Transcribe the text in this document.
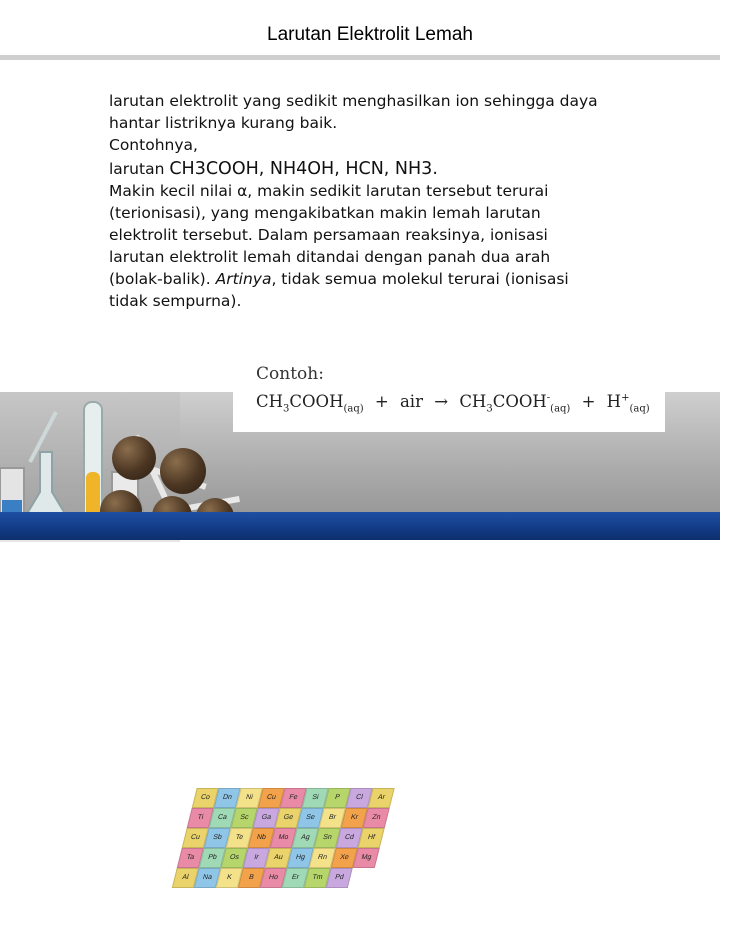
Larutan Elektrolit Lemah

larutan elektrolit yang sedikit menghasilkan ion sehingga daya hantar listriknya kurang baik.

Contohnya,

larutan CH3COOH, NH4OH, HCN, NH3.

Makin kecil nilai α, makin sedikit larutan tersebut terurai (terionisasi), yang mengakibatkan makin lemah larutan elektrolit tersebut. Dalam persamaan reaksinya, ionisasi larutan elektrolit lemah ditandai dengan panah dua arah (bolak-balik). Artinya, tidak semua molekul terurai (ionisasi tidak sempurna).

Co	Dn	Ni	Cu	Fe	Si	P	Cl	Ar
Ti	Ca	Sc	Ga	Ge	Se	Br	Kr	Zn
Cu	Sb	Te	Nb	Mo	Ag	Sn	Cd	Hf
Ta	Pb	Os	Ir	Au	Hg	Rn	Xe	Mg
Al	Na	K	B	Ho	Er	Tm	Pd
Contoh:
$CH_3COOH_{(aq)}$ + air → $CH_3COOH^-_{(aq)} + H^+_{(aq)}$
